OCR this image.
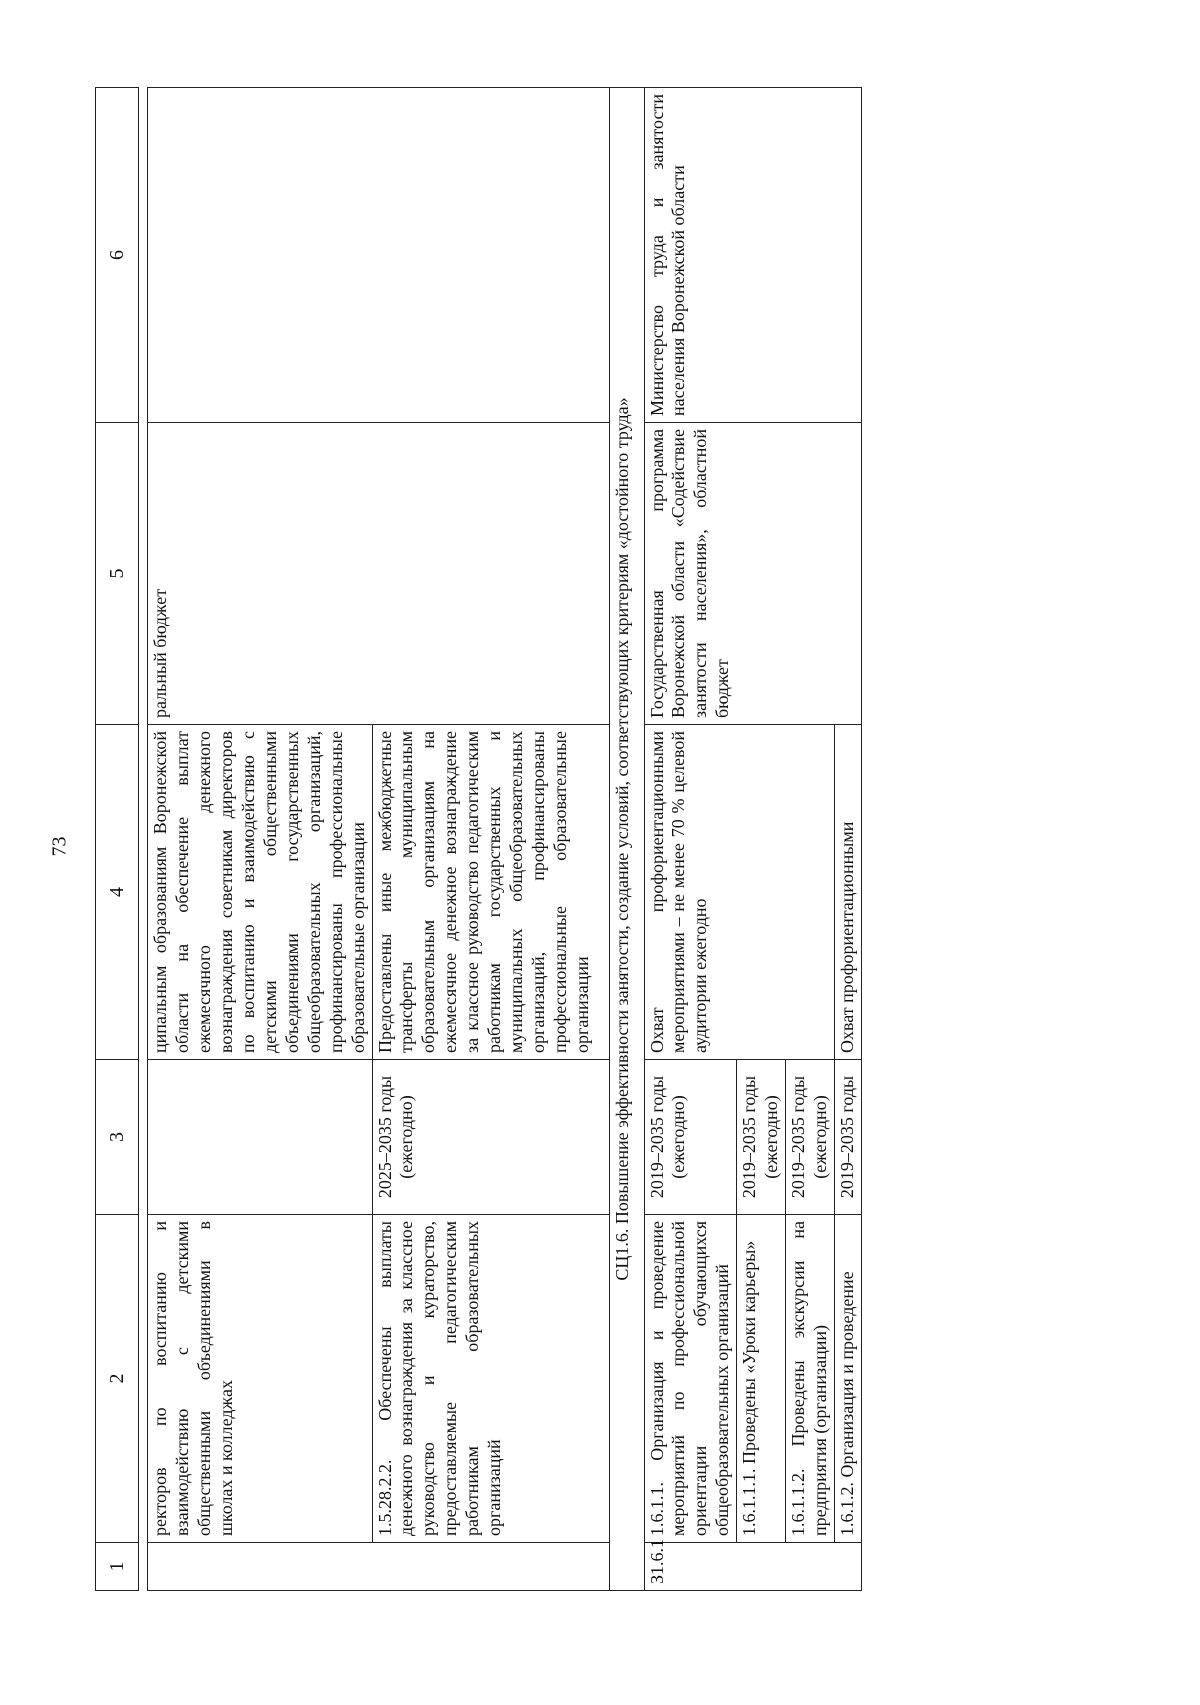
73
1	2	3	4	5	6

	ректоров по воспитанию и взаимодействию с детскими общественными объединениями в школах и колледжах		ципальным образованиям Воронежской области на обеспечение выплат ежемесячного денежного вознаграждения советникам директоров по воспитанию и взаимодействию с детскими общественными объединениями государственных общеобразовательных организаций, профинансированы профессиональные образовательные организации	ральный бюджет	
	1.5.28.2.2. Обеспечены выплаты денежного вознаграждения за классное руководство и кураторство, предоставляемые педагогическим работникам образовательных организаций	2025–2035 годы (ежегодно)	Предоставлены иные межбюджетные трансферты муниципальным образовательным организациям на ежемесячное денежное вознаграждение за классное руководство педагогическим работникам государственных и муниципальных общеобразовательных организаций, профинансированы профессиональные образовательные организации		
СЦ1.6. Повышение эффективности занятости, создание условий, соответствующих критериям «достойного труда»					
З1.6.1	1.6.1.1. Организация и проведение мероприятий по профессиональной ориентации обучающихся общеобразовательных организаций	2019–2035 годы (ежегодно)	Охват профориентационными мероприятиями – не менее 70 % целевой аудитории ежегодно	Государственная программа Воронежской области «Содействие занятости населения», областной бюджет	Министерство труда и занятости населения Воронежской области
	1.6.1.1.1. Проведены «Уроки карьеры»	2019–2035 годы (ежегодно)			
	1.6.1.1.2. Проведены экскурсии на предприятия (организации)	2019–2035 годы (ежегодно)			
	1.6.1.2. Организация и проведение	2019–2035 годы	Охват профориентационными		
